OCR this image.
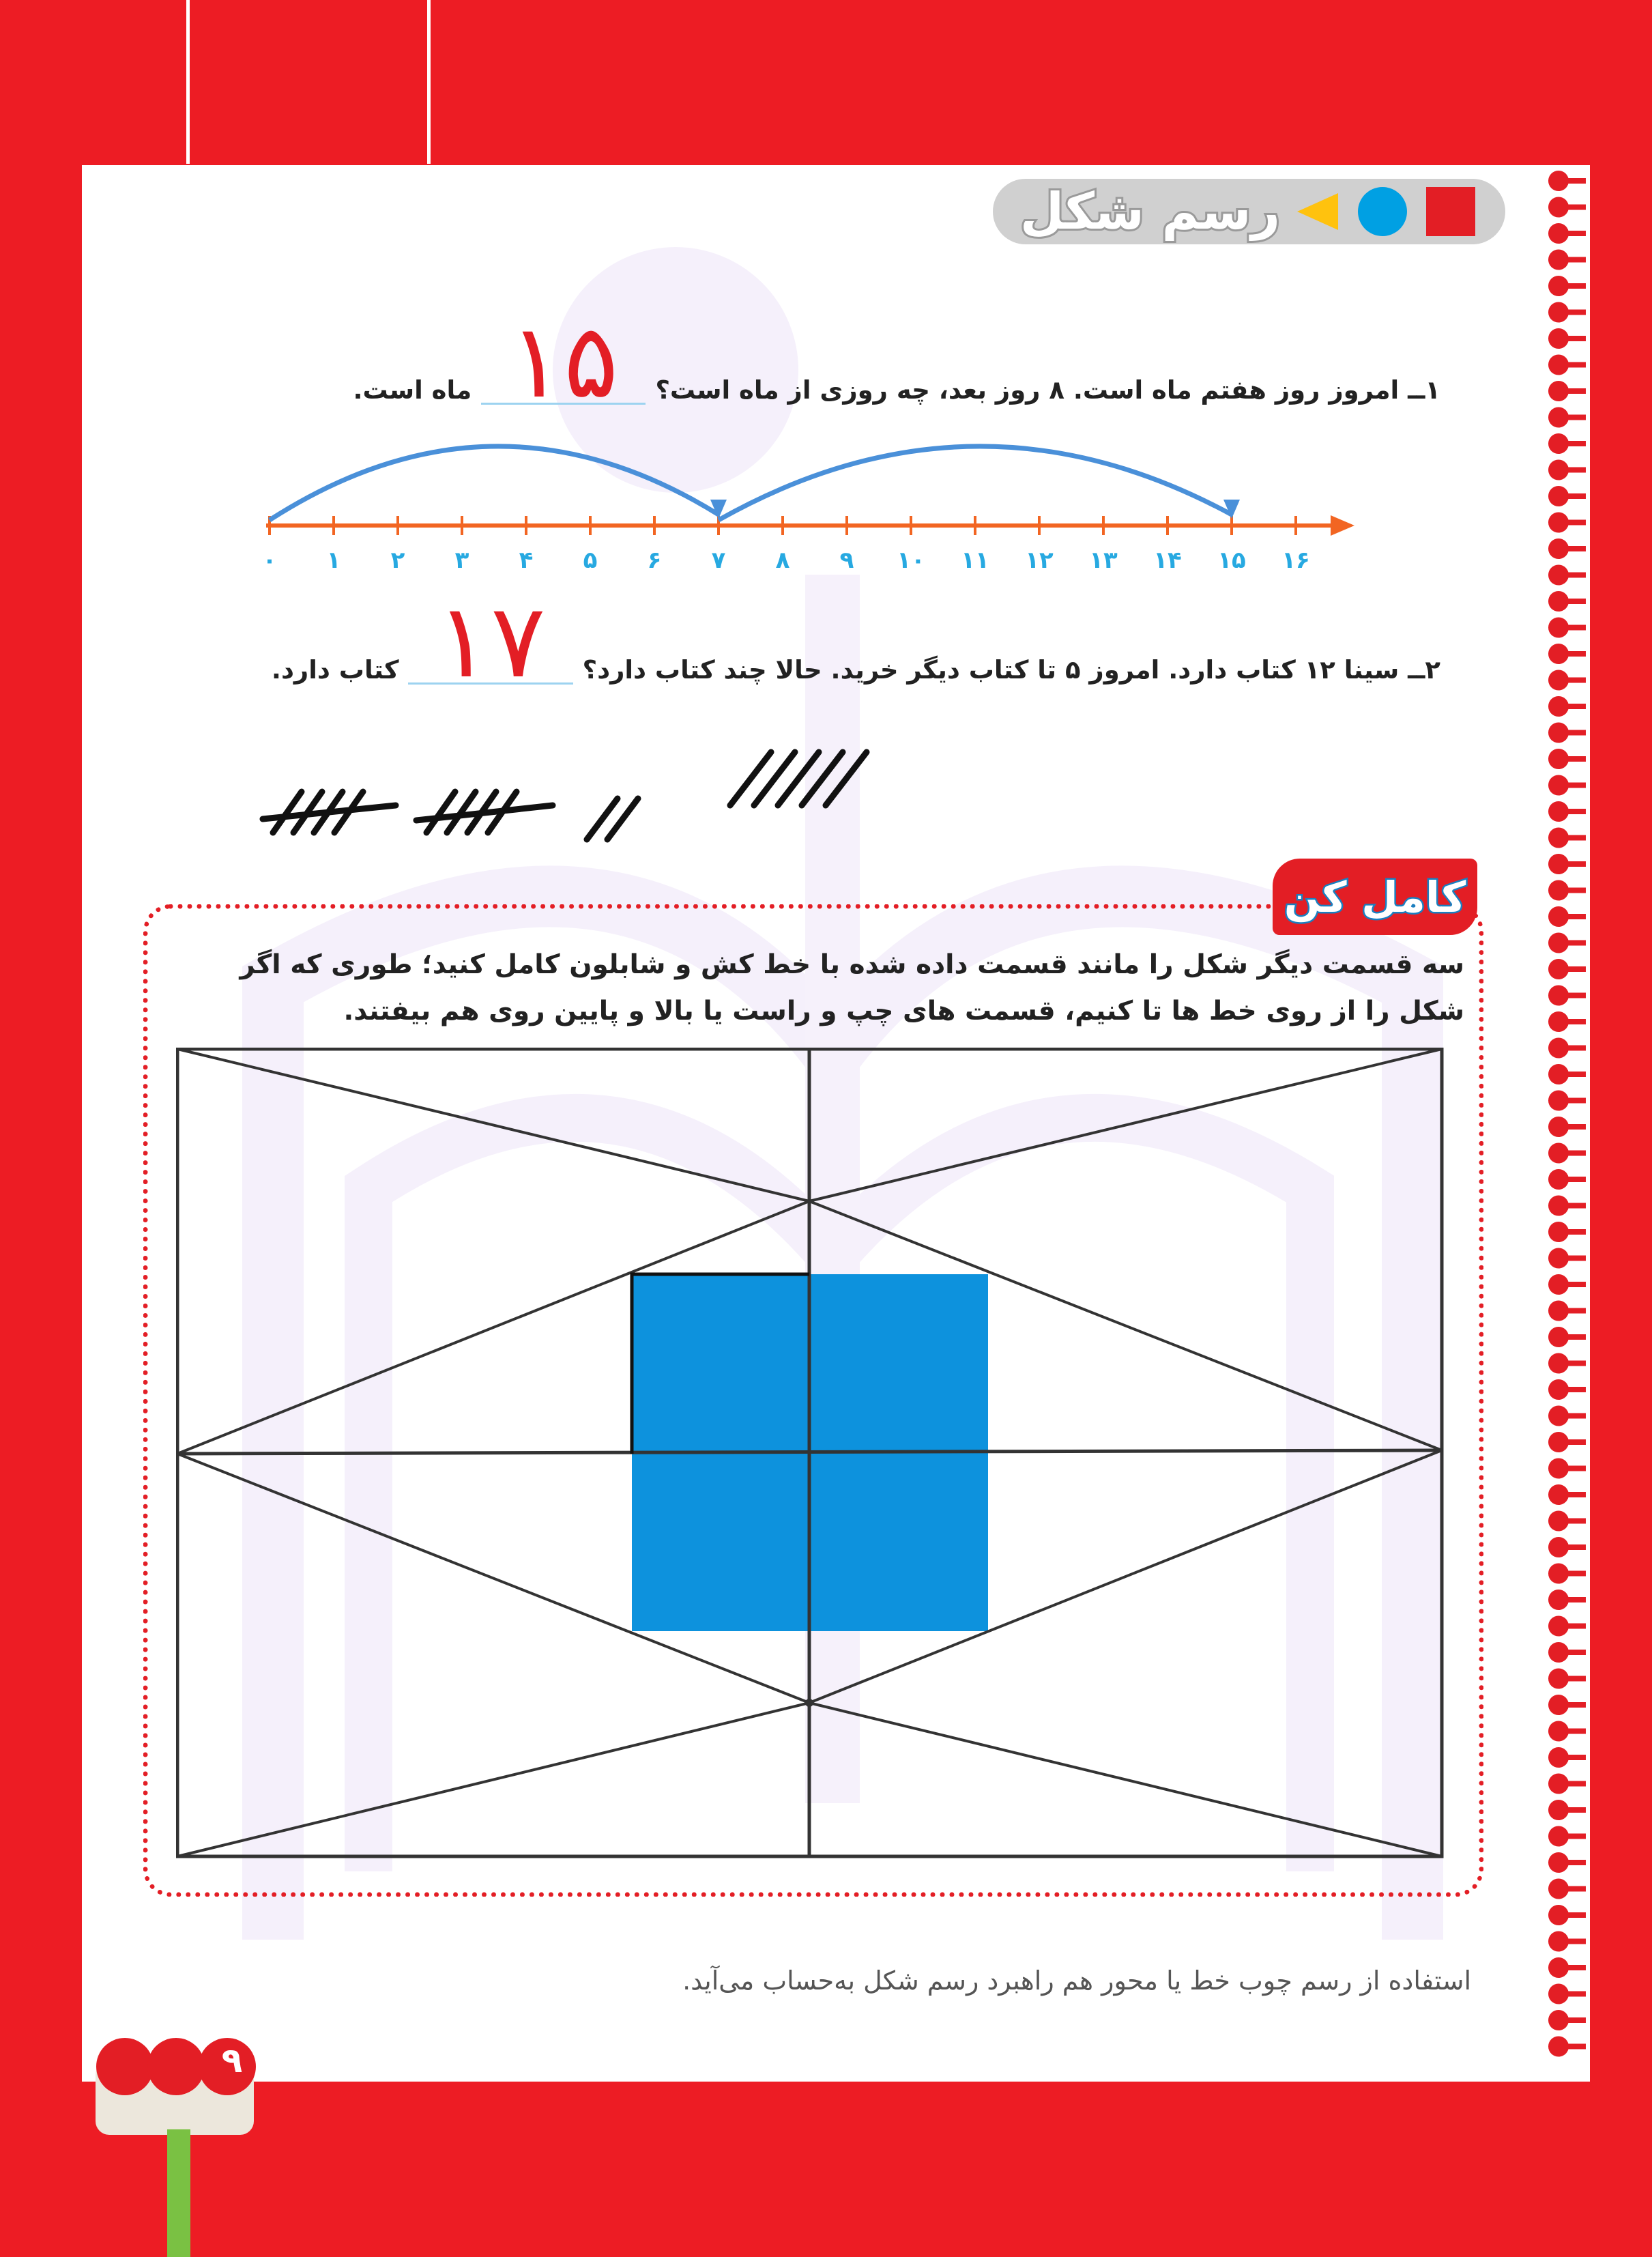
رسم شکل
۱ــ امروز روز هفتم ماه است. ۸ روز بعد، چه روزی از ماه است؟
۱۵
ماه است.
۰ ۱ ۲ ۳ ۴ ۵ ۶ ۷ ۸ ۹ ۱۰ ۱۱ ۱۲ ۱۳ ۱۴ ۱۵ ۱۶
۲ــ سینا ۱۲ کتاب دارد. امروز ۵ تا کتاب دیگر خرید. حالا چند کتاب دارد؟
۱۷
کتاب دارد.
کامل کن
سه قسمت دیگر شکل را مانند قسمت داده شده با خط کش و شابلون کامل کنید؛ طوری که اگر شکل را از روی خط ها تا کنیم، قسمت های چپ و راست یا بالا و پایین روی هم بیفتند.
استفاده از رسم چوب خط یا محور هم راهبرد رسم شکل به‌حساب می‌آید.
۹
